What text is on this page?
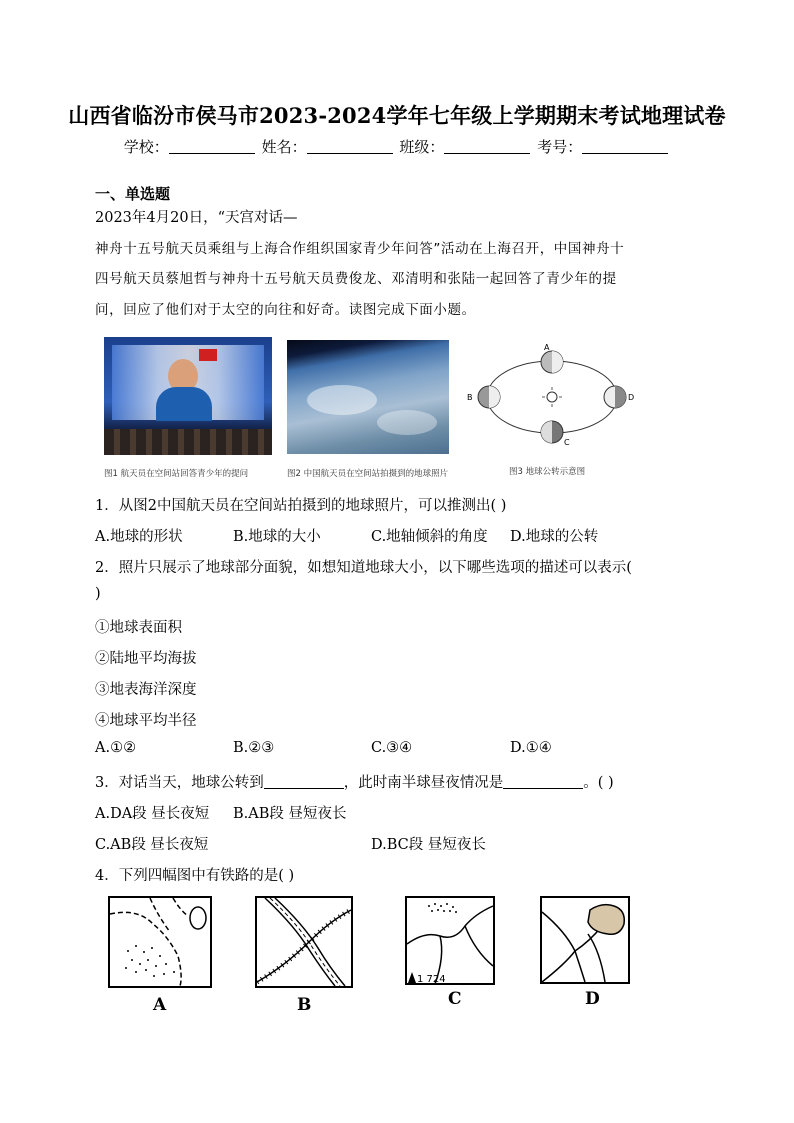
山西省临汾市侯马市2023-2024学年七年级上学期期末考试地理试卷
学校：	姓名：	班级：	考号：
一、单选题
2023年4月20日，“天宫对话—
神舟十五号航天员乘组与上海合作组织国家青少年问答”活动在上海召开，中国神舟十
四号航天员蔡旭哲与神舟十五号航天员费俊龙、邓清明和张陆一起回答了青少年的提
问，回应了他们对于太空的向往和好奇。读图完成下面小题。
图1 航天员在空间站回答青少年的提问	图2 中国航天员在空间站拍摄到的地球照片
A
B
C
D
图3 地球公转示意图
1．从图2中国航天员在空间站拍摄到的地球照片，可以推测出( )
A.地球的形状	B.地球的大小	C.地轴倾斜的角度 D.地球的公转
2．照片只展示了地球部分面貌，如想知道地球大小，以下哪些选项的描述可以表示(
)
①地球表面积
②陆地平均海拔
③地表海洋深度
④地球平均半径
A.①②	B.②③	C.③④	D.①④
3．对话当天，地球公转到	，此时南半球昼夜情况是	。( )
A.DA段 昼长夜短 B.AB段 昼短夜长
C.AB段 昼长夜短	D.BC段 昼短夜长
4．下列四幅图中有铁路的是( )
A	B
1 724
C	D
